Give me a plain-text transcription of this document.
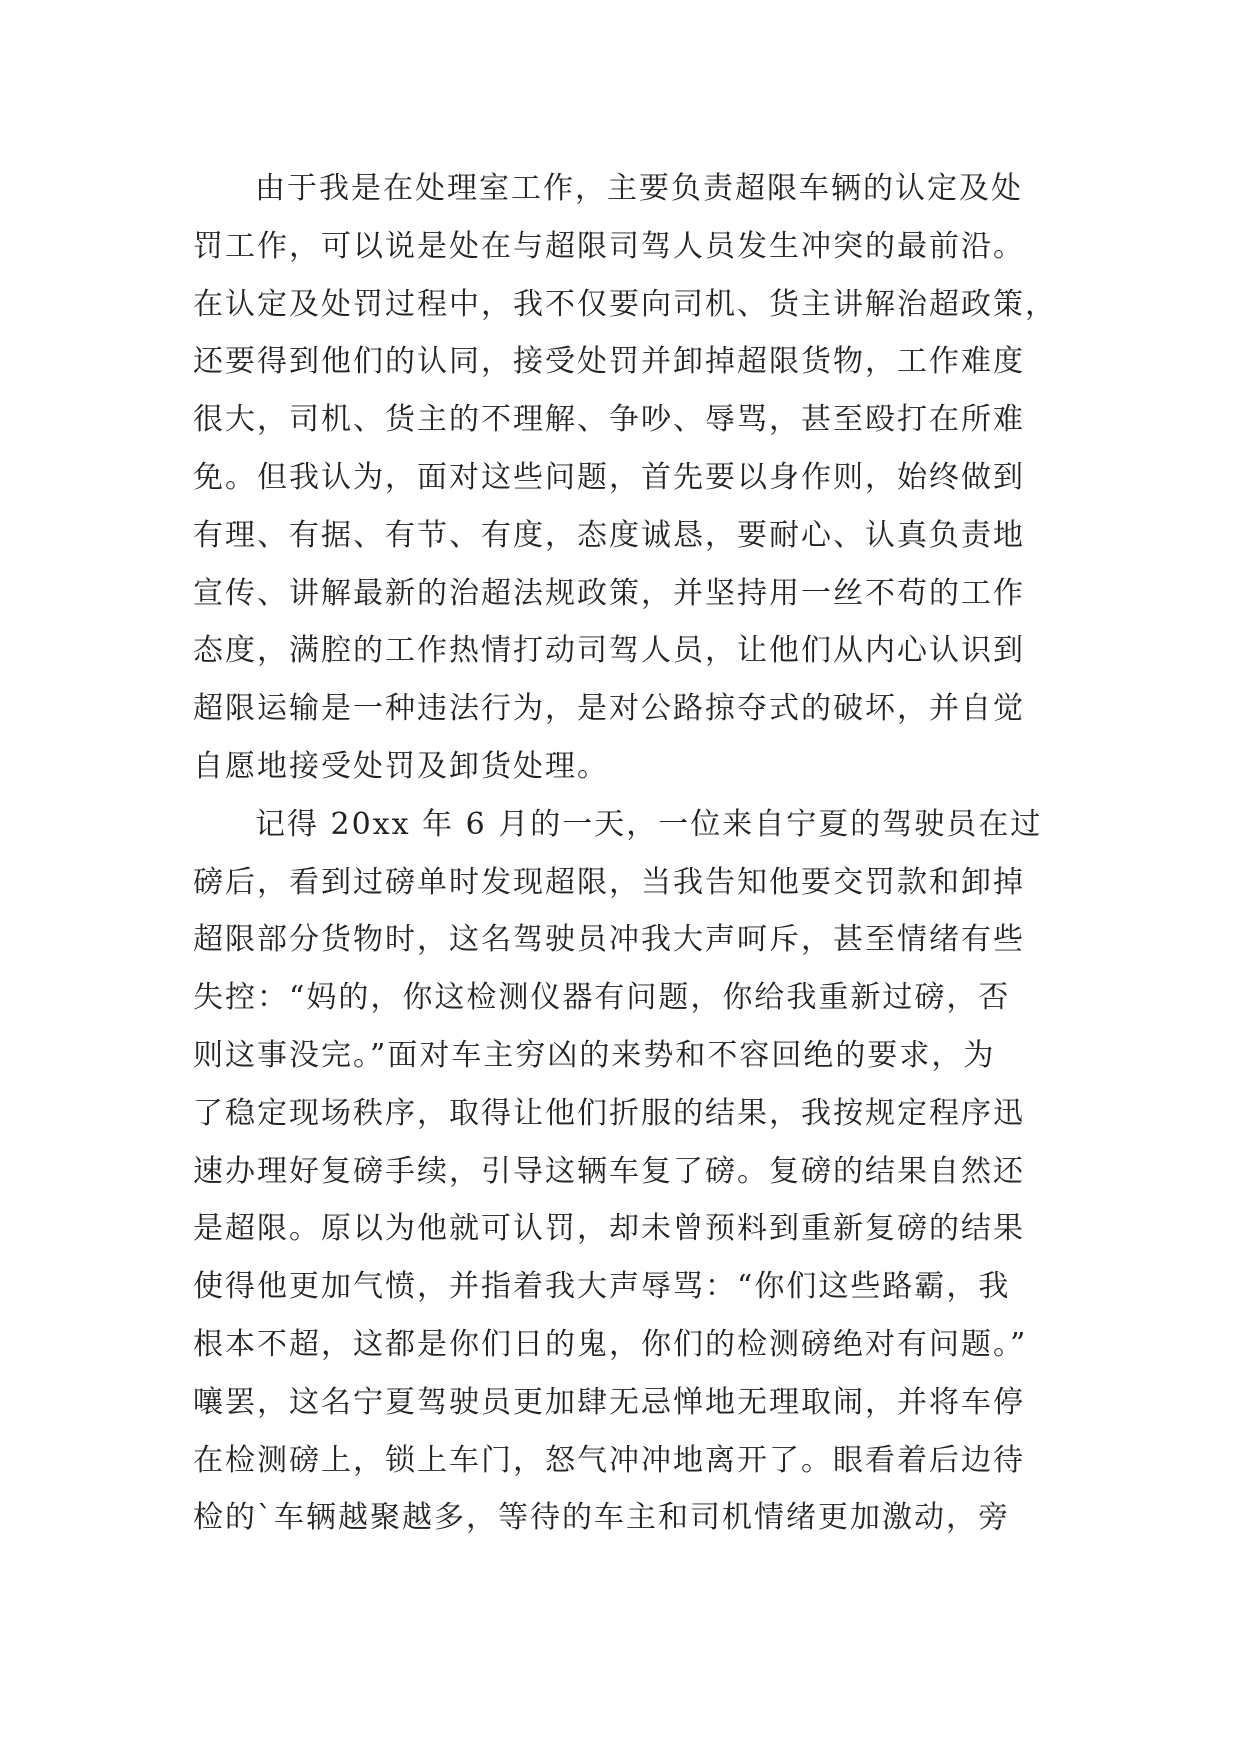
由于我是在处理室工作，主要负责超限车辆的认定及处
罚工作，可以说是处在与超限司驾人员发生冲突的最前沿。
在认定及处罚过程中，我不仅要向司机、货主讲解治超政策，
还要得到他们的认同，接受处罚并卸掉超限货物，工作难度
很大，司机、货主的不理解、争吵、辱骂，甚至殴打在所难
免。但我认为，面对这些问题，首先要以身作则，始终做到
有理、有据、有节、有度，态度诚恳，要耐心、认真负责地
宣传、讲解最新的治超法规政策，并坚持用一丝不苟的工作
态度，满腔的工作热情打动司驾人员，让他们从内心认识到
超限运输是一种违法行为，是对公路掠夺式的破坏，并自觉
自愿地接受处罚及卸货处理。
记得 20xx 年 6 月的一天，一位来自宁夏的驾驶员在过
磅后，看到过磅单时发现超限，当我告知他要交罚款和卸掉
超限部分货物时，这名驾驶员冲我大声呵斥，甚至情绪有些
失控：“妈的，你这检测仪器有问题，你给我重新过磅，否
则这事没完。”面对车主穷凶的来势和不容回绝的要求，为
了稳定现场秩序，取得让他们折服的结果，我按规定程序迅
速办理好复磅手续，引导这辆车复了磅。复磅的结果自然还
是超限。原以为他就可认罚，却未曾预料到重新复磅的结果
使得他更加气愤，并指着我大声辱骂：“你们这些路霸，我
根本不超，这都是你们日的鬼，你们的检测磅绝对有问题。”
嚷罢，这名宁夏驾驶员更加肆无忌惮地无理取闹，并将车停
在检测磅上，锁上车门，怒气冲冲地离开了。眼看着后边待
检的`车辆越聚越多，等待的车主和司机情绪更加激动，旁
